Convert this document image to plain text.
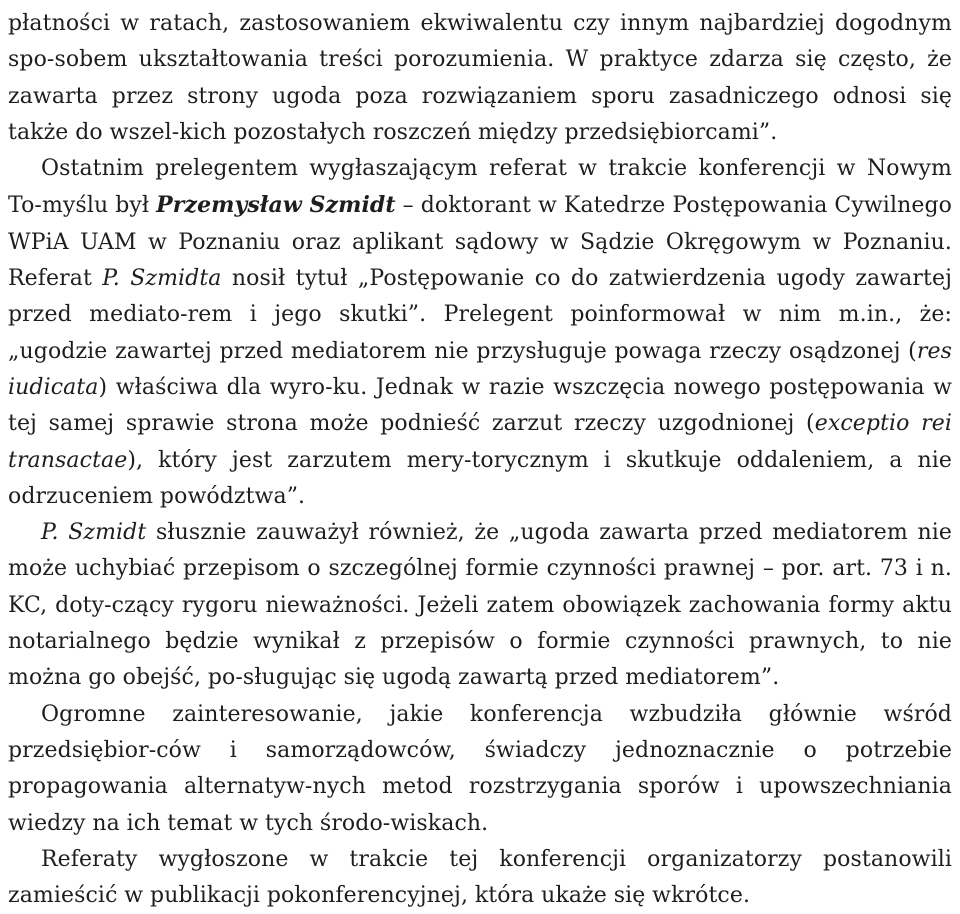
płatności w ratach, zastosowaniem ekwiwalentu czy innym najbardziej dogodnym spo-sobem ukształtowania treści porozumienia. W praktyce zdarza się często, że zawarta przez strony ugoda poza rozwiązaniem sporu zasadniczego odnosi się także do wszel-kich pozostałych roszczeń między przedsiębiorcami”.

Ostatnim prelegentem wygłaszającym referat w trakcie konferencji w Nowym To-myślu był Przemysław Szmidt – doktorant w Katedrze Postępowania Cywilnego WPiA UAM w Poznaniu oraz aplikant sądowy w Sądzie Okręgowym w Poznaniu. Referat P. Szmidta nosił tytuł „Postępowanie co do zatwierdzenia ugody zawartej przed mediato-rem i jego skutki”. Prelegent poinformował w nim m.in., że: „ugodzie zawartej przed mediatorem nie przysługuje powaga rzeczy osądzonej (res iudicata) właściwa dla wyro-ku. Jednak w razie wszczęcia nowego postępowania w tej samej sprawie strona może podnieść zarzut rzeczy uzgodnionej (exceptio rei transactae), który jest zarzutem mery-torycznym i skutkuje oddaleniem, a nie odrzuceniem powództwa”.

P. Szmidt słusznie zauważył również, że „ugoda zawarta przed mediatorem nie może uchybiać przepisom o szczególnej formie czynności prawnej – por. art. 73 i n. KC, doty-czący rygoru nieważności. Jeżeli zatem obowiązek zachowania formy aktu notarialnego będzie wynikał z przepisów o formie czynności prawnych, to nie można go obejść, po-sługując się ugodą zawartą przed mediatorem”.

Ogromne zainteresowanie, jakie konferencja wzbudziła głównie wśród przedsiębior-ców i samorządowców, świadczy jednoznacznie o potrzebie propagowania alternatyw-nych metod rozstrzygania sporów i upowszechniania wiedzy na ich temat w tych środo-wiskach.

Referaty wygłoszone w trakcie tej konferencji organizatorzy postanowili zamieścić w publikacji pokonferencyjnej, która ukaże się wkrótce.
